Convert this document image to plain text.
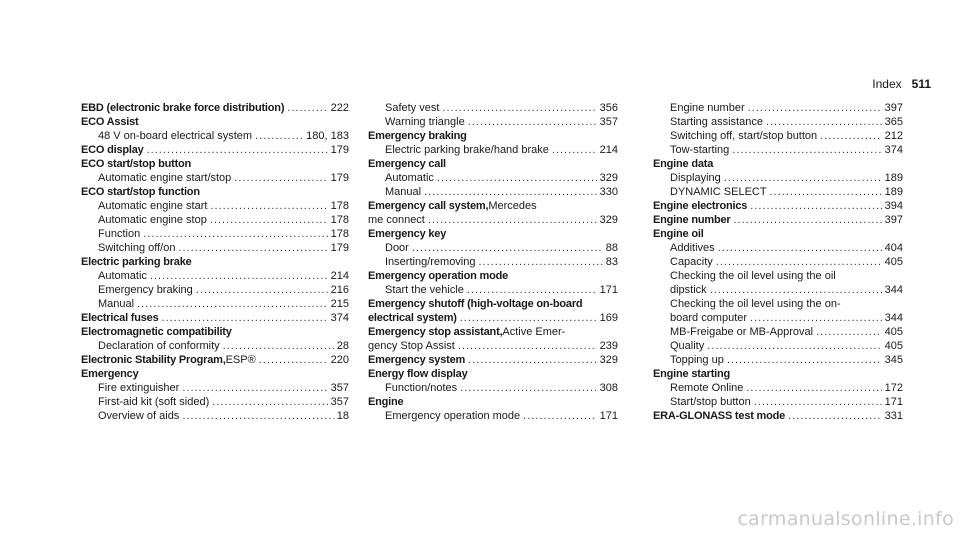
Index 511
EBD (electronic brake force distribution) .....	222
ECO Assist
48 V on-board electrical system .....	180, 183
ECO display .....	179
ECO start/stop button
Automatic engine start/stop .....	179
ECO start/stop function
Automatic engine start .....	178
Automatic engine stop .....	178
Function .....	178
Switching off/on .....	179
Electric parking brake
Automatic .....	214
Emergency braking .....	216
Manual .....	215
Electrical fuses .....	374
Electromagnetic compatibility
Declaration of conformity .....	28
Electronic Stability Program, ESP® .....	220
Emergency
Fire extinguisher .....	357
First-aid kit (soft sided) .....	357
Overview of aids .....	18
Safety vest .....	356
Warning triangle .....	357
Emergency braking
Electric parking brake/hand brake .....	214
Emergency call
Automatic .....	329
Manual .....	330
Emergency call system, Mercedes
me connect .....	329
Emergency key
Door .....	88
Inserting/removing .....	83
Emergency operation mode
Start the vehicle .....	171
Emergency shutoff (high-voltage on-board
electrical system) .....	169
Emergency stop assistant, Active Emer-
gency Stop Assist .....	239
Emergency system .....	329
Energy flow display
Function/notes .....	308
Engine
Emergency operation mode .....	171
Engine number .....	397
Starting assistance .....	365
Switching off, start/stop button .....	212
Tow-starting .....	374
Engine data
Displaying .....	189
DYNAMIC SELECT .....	189
Engine electronics .....	394
Engine number .....	397
Engine oil
Additives .....	404
Capacity .....	405
Checking the oil level using the oil
dipstick .....	344
Checking the oil level using the on-
board computer .....	344
MB-Freigabe or MB-Approval .....	405
Quality .....	405
Topping up .....	345
Engine starting
Remote Online .....	172
Start/stop button .....	171
ERA-GLONASS test mode .....	331
carmanualsonline.info
